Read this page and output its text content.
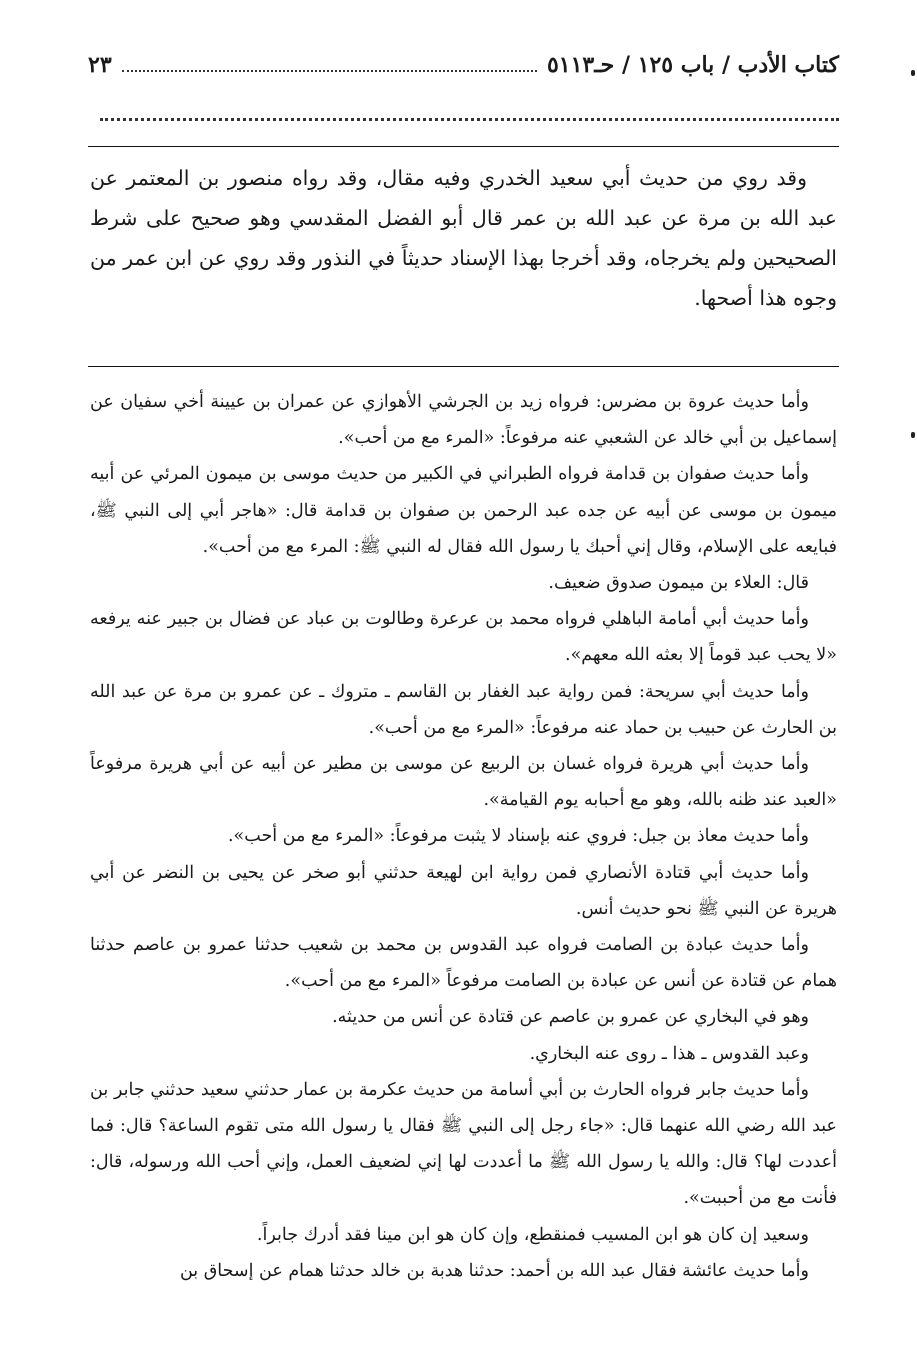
كتاب الأدب / باب ١٢٥ / حـ٥١١٣
٢٣

وقد روي من حديث أبي سعيد الخدري وفيه مقال، وقد رواه منصور بن المعتمر عن عبد الله بن مرة عن عبد الله بن عمر قال أبو الفضل المقدسي وهو صحيح على شرط الصحيحين ولم يخرجاه، وقد أخرجا بهذا الإسناد حديثاً في النذور وقد روي عن ابن عمر من وجوه هذا أصحها.

وأما حديث عروة بن مضرس: فرواه زيد بن الجرشي الأهوازي عن عمران بن عيينة أخي سفيان عن إسماعيل بن أبي خالد عن الشعبي عنه مرفوعاً: «المرء مع من أحب».

وأما حديث صفوان بن قدامة فرواه الطبراني في الكبير من حديث موسى بن ميمون المرئي عن أبيه ميمون بن موسى عن أبيه عن جده عبد الرحمن بن صفوان بن قدامة قال: «هاجر أبي إلى النبي ﷺ، فبايعه على الإسلام، وقال إني أحبك يا رسول الله فقال له النبي ﷺ: المرء مع من أحب».

قال: العلاء بن ميمون صدوق ضعيف.

وأما حديث أبي أمامة الباهلي فرواه محمد بن عرعرة وطالوت بن عباد عن فضال بن جبير عنه يرفعه «لا يحب عبد قوماً إلا بعثه الله معهم».

وأما حديث أبي سريحة: فمن رواية عبد الغفار بن القاسم ـ متروك ـ عن عمرو بن مرة عن عبد الله بن الحارث عن حبيب بن حماد عنه مرفوعاً: «المرء مع من أحب».

وأما حديث أبي هريرة فرواه غسان بن الربيع عن موسى بن مطير عن أبيه عن أبي هريرة مرفوعاً «العبد عند ظنه بالله، وهو مع أحبابه يوم القيامة».

وأما حديث معاذ بن جبل: فروي عنه بإسناد لا يثبت مرفوعاً: «المرء مع من أحب».

وأما حديث أبي قتادة الأنصاري فمن رواية ابن لهيعة حدثني أبو صخر عن يحيى بن النضر عن أبي هريرة عن النبي ﷺ نحو حديث أنس.

وأما حديث عبادة بن الصامت فرواه عبد القدوس بن محمد بن شعيب حدثنا عمرو بن عاصم حدثنا همام عن قتادة عن أنس عن عبادة بن الصامت مرفوعاً «المرء مع من أحب».

وهو في البخاري عن عمرو بن عاصم عن قتادة عن أنس من حديثه.

وعبد القدوس ـ هذا ـ روى عنه البخاري.

وأما حديث جابر فرواه الحارث بن أبي أسامة من حديث عكرمة بن عمار حدثني سعيد حدثني جابر بن عبد الله رضي الله عنهما قال: «جاء رجل إلى النبي ﷺ فقال يا رسول الله متى تقوم الساعة؟ قال: فما أعددت لها؟ قال: والله يا رسول الله ﷺ ما أعددت لها إني لضعيف العمل، وإني أحب الله ورسوله، قال: فأنت مع من أحببت».

وسعيد إن كان هو ابن المسيب فمنقطع، وإن كان هو ابن مينا فقد أدرك جابراً.

وأما حديث عائشة فقال عبد الله بن أحمد: حدثنا هدبة بن خالد حدثنا همام عن إسحاق بن
